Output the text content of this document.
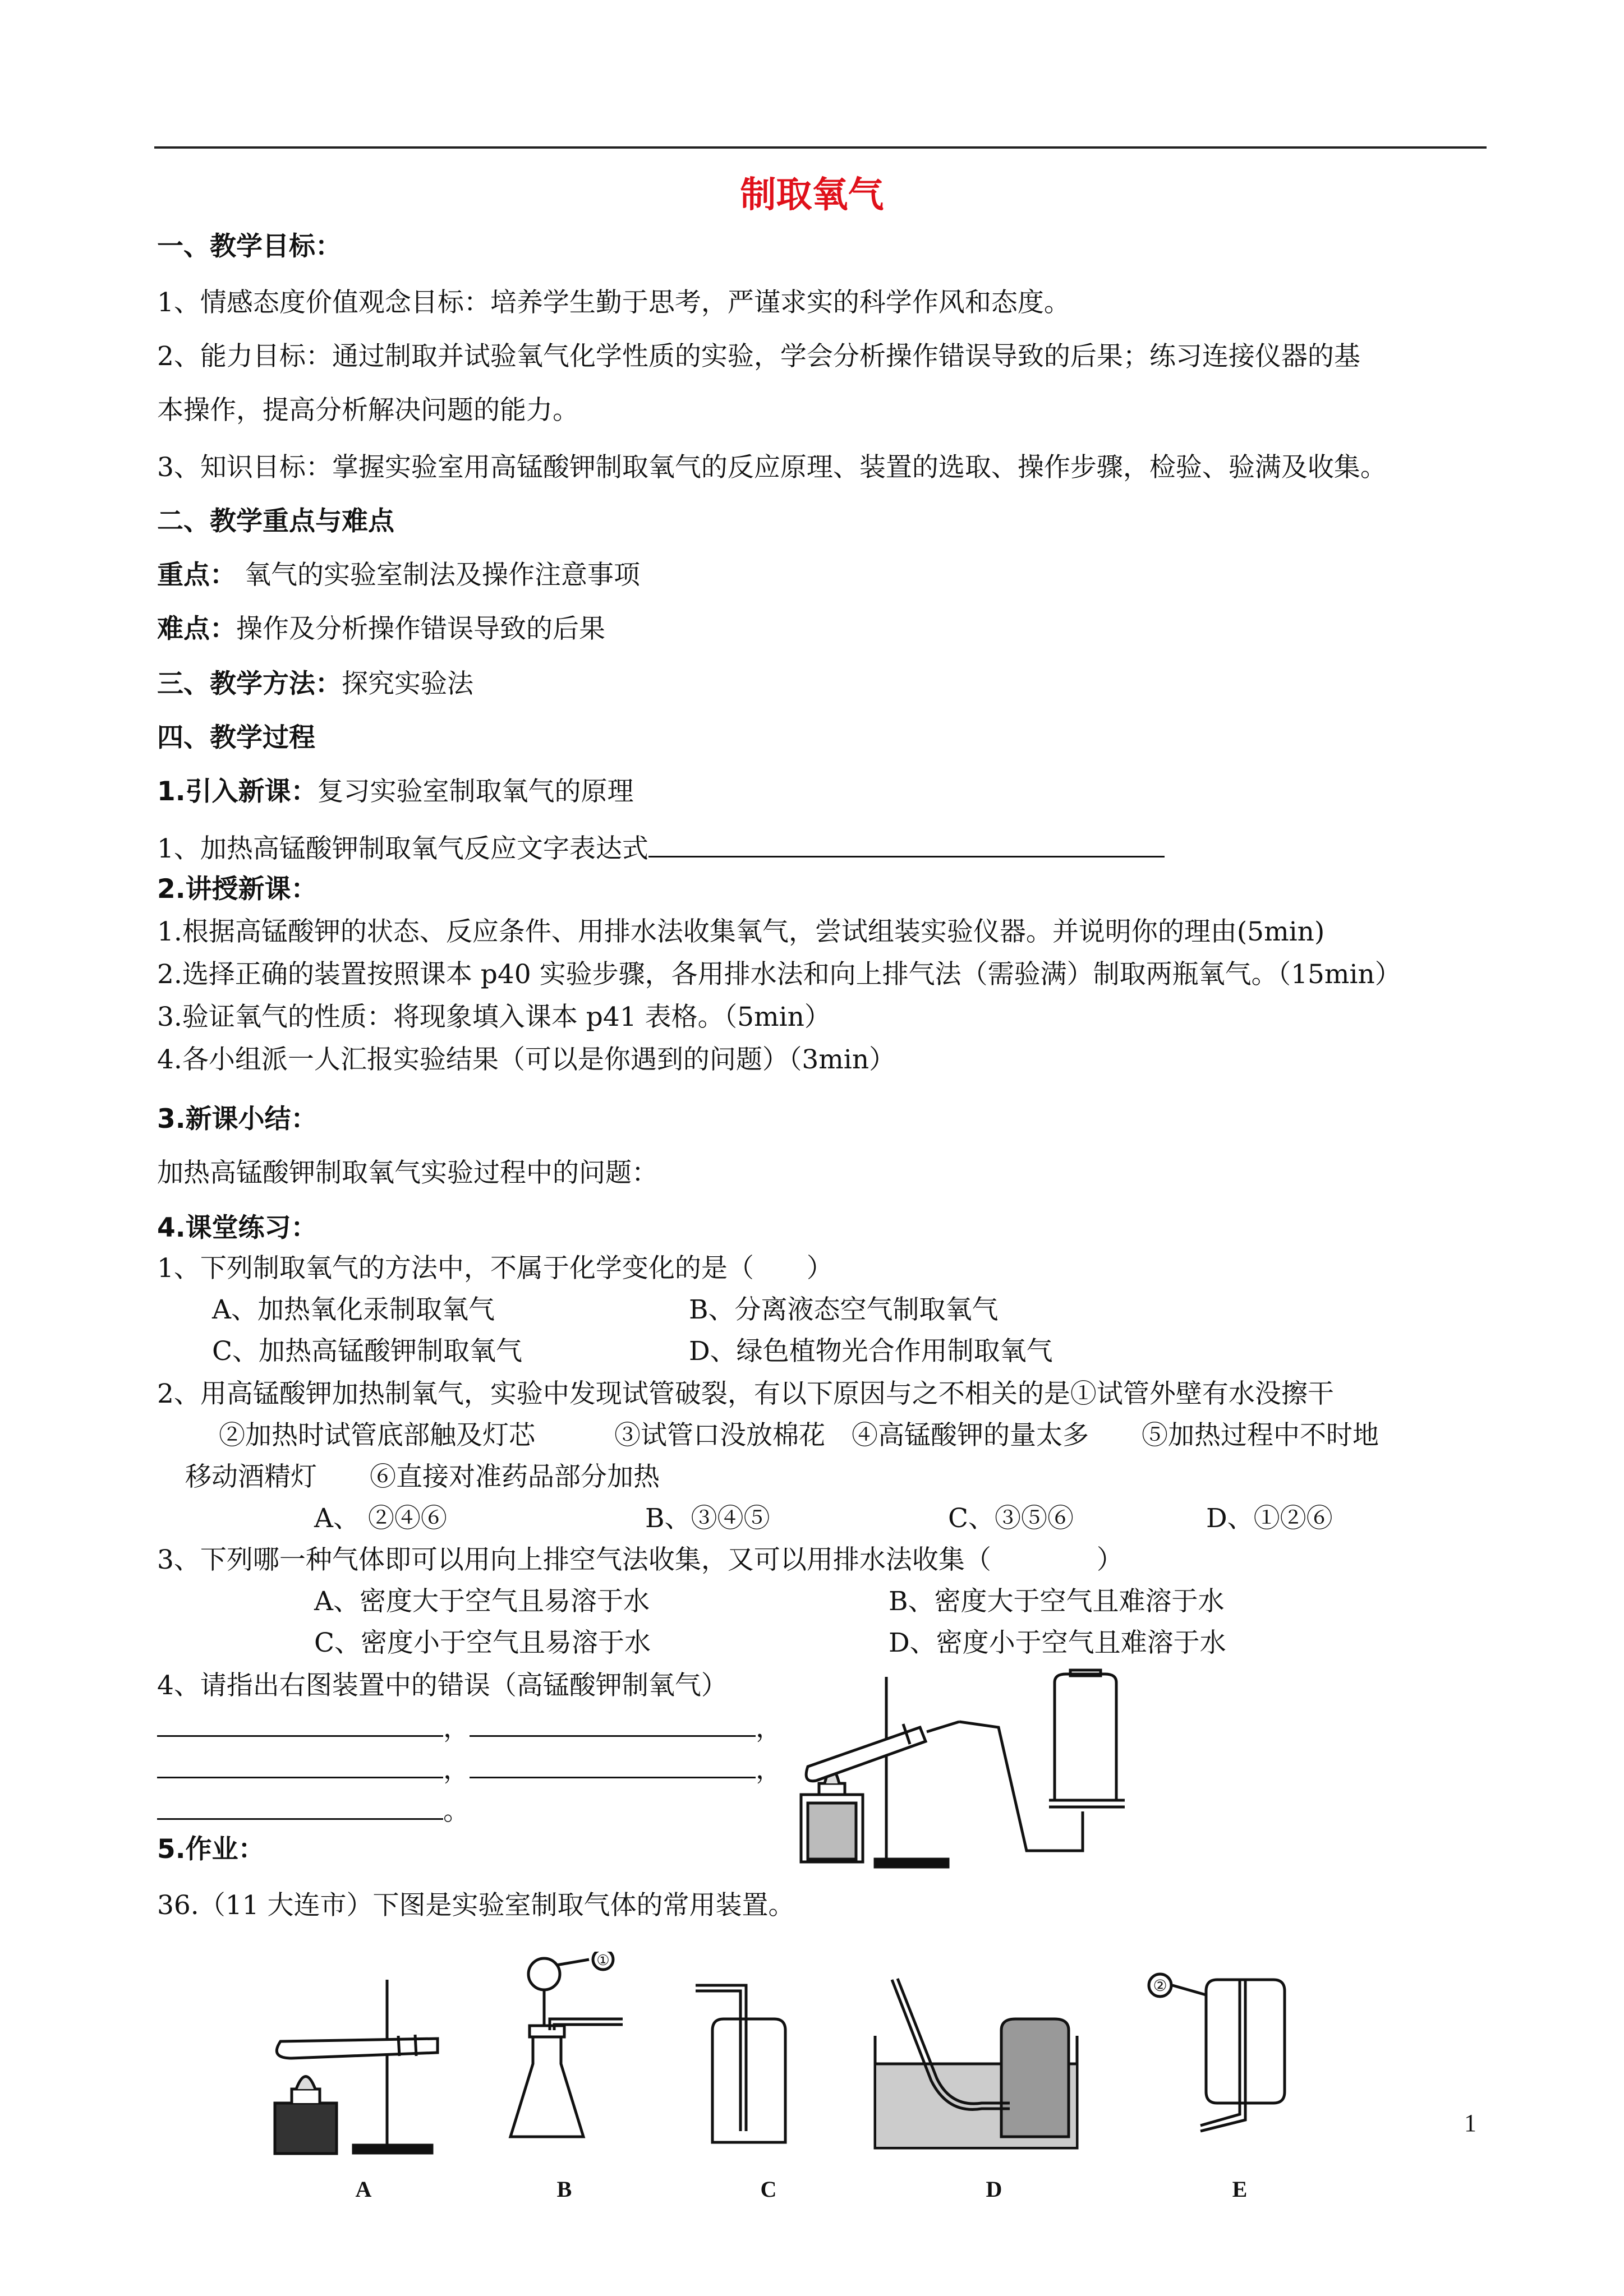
制取氧气
一、教学目标：
1、情感态度价值观念目标：培养学生勤于思考，严谨求实的科学作风和态度。
2、能力目标：通过制取并试验氧气化学性质的实验，学会分析操作错误导致的后果；练习连接仪器的基
本操作，提高分析解决问题的能力。
3、知识目标：掌握实验室用高锰酸钾制取氧气的反应原理、装置的选取、操作步骤，检验、验满及收集。
二、教学重点与难点
重点： 氧气的实验室制法及操作注意事项
难点：操作及分析操作错误导致的后果
三、教学方法：探究实验法
四、教学过程
1.引入新课：复习实验室制取氧气的原理
1、加热高锰酸钾制取氧气反应文字表达式
2.讲授新课：
1.根据高锰酸钾的状态、反应条件、用排水法收集氧气，尝试组装实验仪器。并说明你的理由(5min)
2.选择正确的装置按照课本 p40 实验步骤，各用排水法和向上排气法（需验满）制取两瓶氧气。（15min）
3.验证氧气的性质：将现象填入课本 p41 表格。（5min）
4.各小组派一人汇报实验结果（可以是你遇到的问题）（3min）
3.新课小结：
加热高锰酸钾制取氧气实验过程中的问题：
4.课堂练习：
1、下列制取氧气的方法中，不属于化学变化的是（　　）
A、加热氧化汞制取氧气	B、分离液态空气制取氧气
C、加热高锰酸钾制取氧气	D、绿色植物光合作用制取氧气
2、用高锰酸钾加热制氧气，实验中发现试管破裂，有以下原因与之不相关的是①试管外壁有水没擦干
②加热时试管底部触及灯芯　　　③试管口没放棉花　④高锰酸钾的量太多　　⑤加热过程中不时地
移动酒精灯　　⑥直接对准药品部分加热
A、 ②④⑥	B、③④⑤	C、③⑤⑥	D、①②⑥
3、下列哪一种气体即可以用向上排空气法收集，又可以用排水法收集（　　　　）
A、密度大于空气且易溶于水	B、密度大于空气且难溶于水
C、密度小于空气且易溶于水	D、密度小于空气且难溶于水
4、请指出右图装置中的错误（高锰酸钾制氧气）
，	，
，	，
。
5.作业：
36.（11 大连市）下图是实验室制取气体的常用装置。
A
①
B	C	D
②
E
1
